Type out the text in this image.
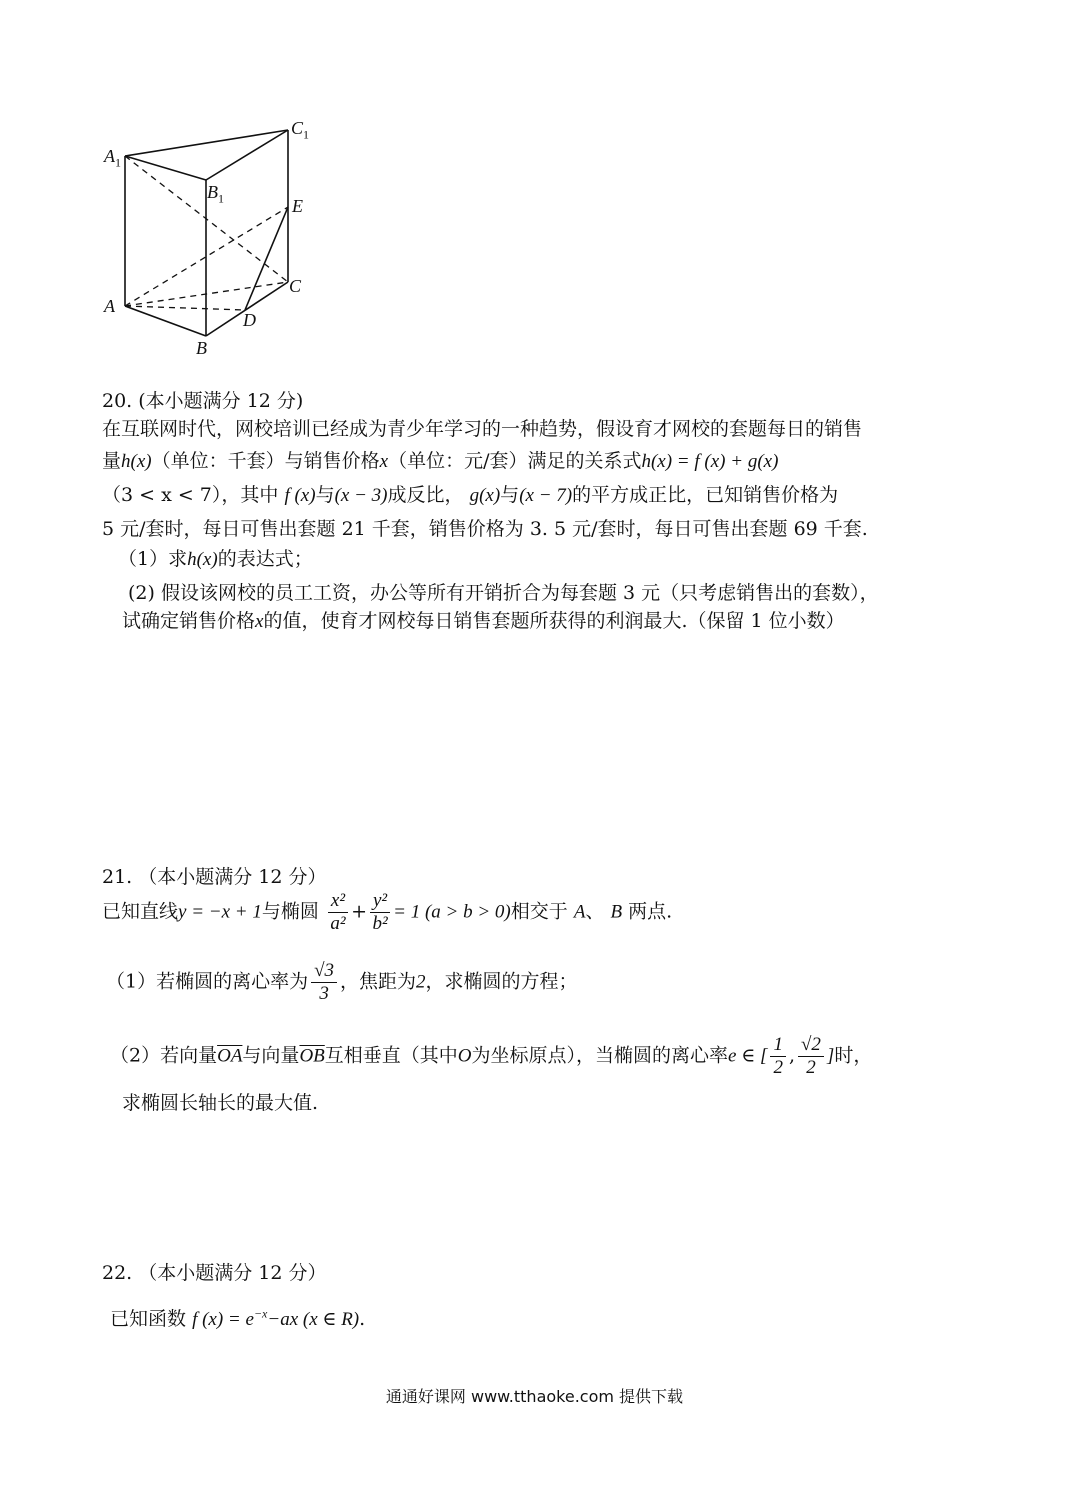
$A_1$
$B_1$
$C_1$
E
A
B
C
D
20. (本小题满分 12 分)
在互联网时代，网校培训已经成为青少年学习的一种趋势，假设育才网校的套题每日的销售
量h(x)（单位：千套）与销售价格x（单位：元/套）满足的关系式h(x) = f (x) + g(x)
（3 < x < 7），其中 f (x)与(x − 3)成反比， g(x)与(x − 7)的平方成正比，已知销售价格为
5 元/套时，每日可售出套题 21 千套，销售价格为 3. 5 元/套时，每日可售出套题 69 千套.
（1）求h(x)的表达式；
(2) 假设该网校的员工工资，办公等所有开销折合为每套题 3 元（只考虑销售出的套数），
试确定销售价格x的值，使育才网校每日销售套题所获得的利润最大.（保留 1 位小数）
21. （本小题满分 12 分）
已知直线y = −x + 1与椭圆 $\frac{\text{x²}}{\text{a²}} + \frac{\text{y²}}{\text{b²}} = 1$ (a > b > 0)相交于 A、 B 两点.
（1）若椭圆的离心率为 $\frac{√3}{3}$ ，焦距为2，求椭圆的方程；
（2）若向量$\overline{OA}$与向量$\overline{OB}$互相垂直（其中O为坐标原点），当椭圆的离心率e ∈ [ $\frac{1}{2}$ , $\frac{√2}{2}$ ]时，
求椭圆长轴长的最大值.
22. （本小题满分 12 分）
已知函数 f $(x) = e^{-x}-ax$ (x ∈ R).
通通好课网 www.tthaoke.com 提供下载
